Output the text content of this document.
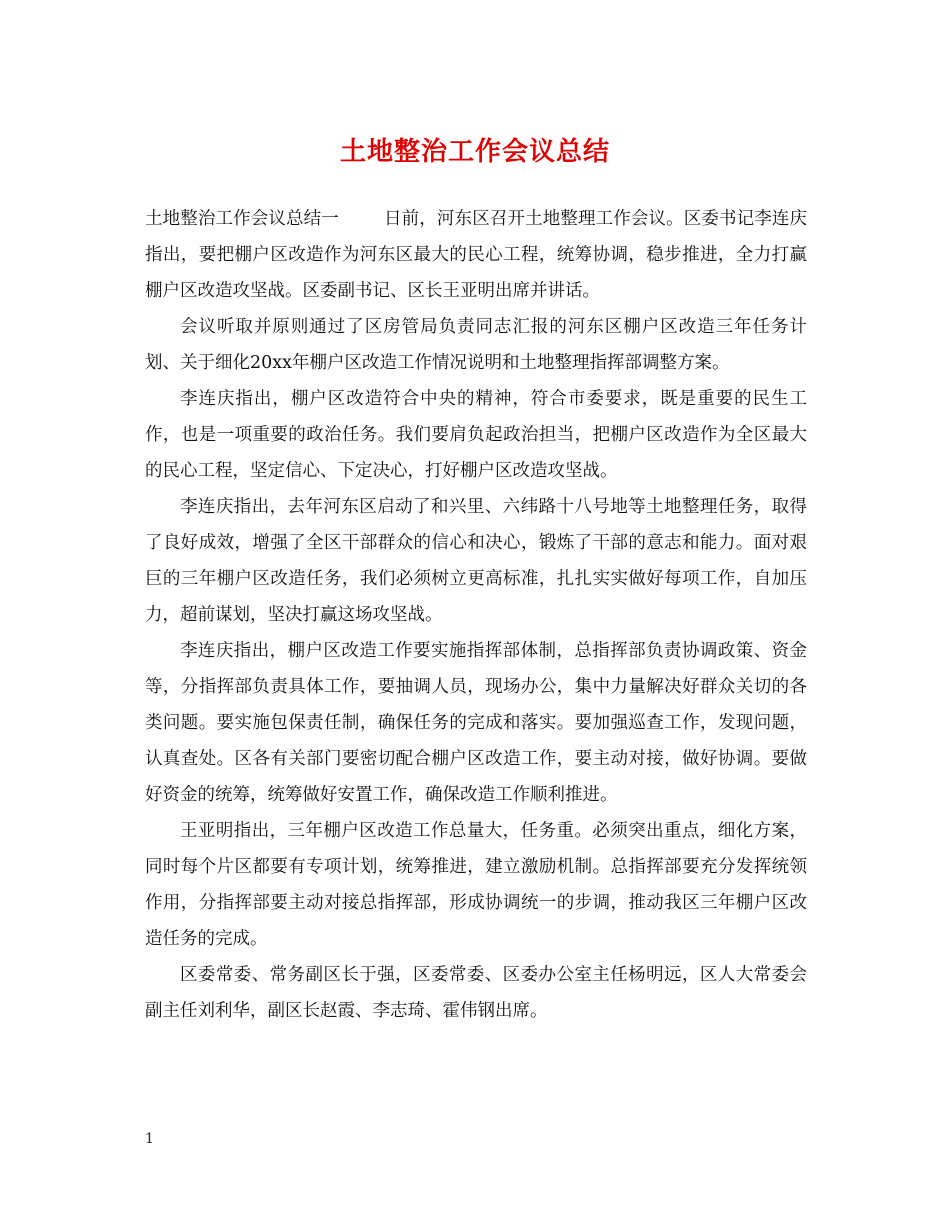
土地整治工作会议总结

土地整治工作会议总结一	日前，河东区召开土地整理工作会议。区委书记李连庆指出，要把棚户区改造作为河东区最大的民心工程，统筹协调，稳步推进，全力打赢棚户区改造攻坚战。区委副书记、区长王亚明出席并讲话。

会议听取并原则通过了区房管局负责同志汇报的河东区棚户区改造三年任务计划、关于细化20xx年棚户区改造工作情况说明和土地整理指挥部调整方案。

李连庆指出，棚户区改造符合中央的精神，符合市委要求，既是重要的民生工作，也是一项重要的政治任务。我们要肩负起政治担当，把棚户区改造作为全区最大的民心工程，坚定信心、下定决心，打好棚户区改造攻坚战。

李连庆指出，去年河东区启动了和兴里、六纬路十八号地等土地整理任务，取得了良好成效，增强了全区干部群众的信心和决心，锻炼了干部的意志和能力。面对艰巨的三年棚户区改造任务，我们必须树立更高标准，扎扎实实做好每项工作，自加压力，超前谋划，坚决打赢这场攻坚战。

李连庆指出，棚户区改造工作要实施指挥部体制，总指挥部负责协调政策、资金等，分指挥部负责具体工作，要抽调人员，现场办公，集中力量解决好群众关切的各类问题。要实施包保责任制，确保任务的完成和落实。要加强巡查工作，发现问题，认真查处。区各有关部门要密切配合棚户区改造工作，要主动对接，做好协调。要做好资金的统筹，统筹做好安置工作，确保改造工作顺利推进。

王亚明指出，三年棚户区改造工作总量大，任务重。必须突出重点，细化方案，同时每个片区都要有专项计划，统筹推进，建立激励机制。总指挥部要充分发挥统领作用，分指挥部要主动对接总指挥部，形成协调统一的步调，推动我区三年棚户区改造任务的完成。

区委常委、常务副区长于强，区委常委、区委办公室主任杨明远，区人大常委会副主任刘利华，副区长赵霞、李志琦、霍伟钢出席。

1
